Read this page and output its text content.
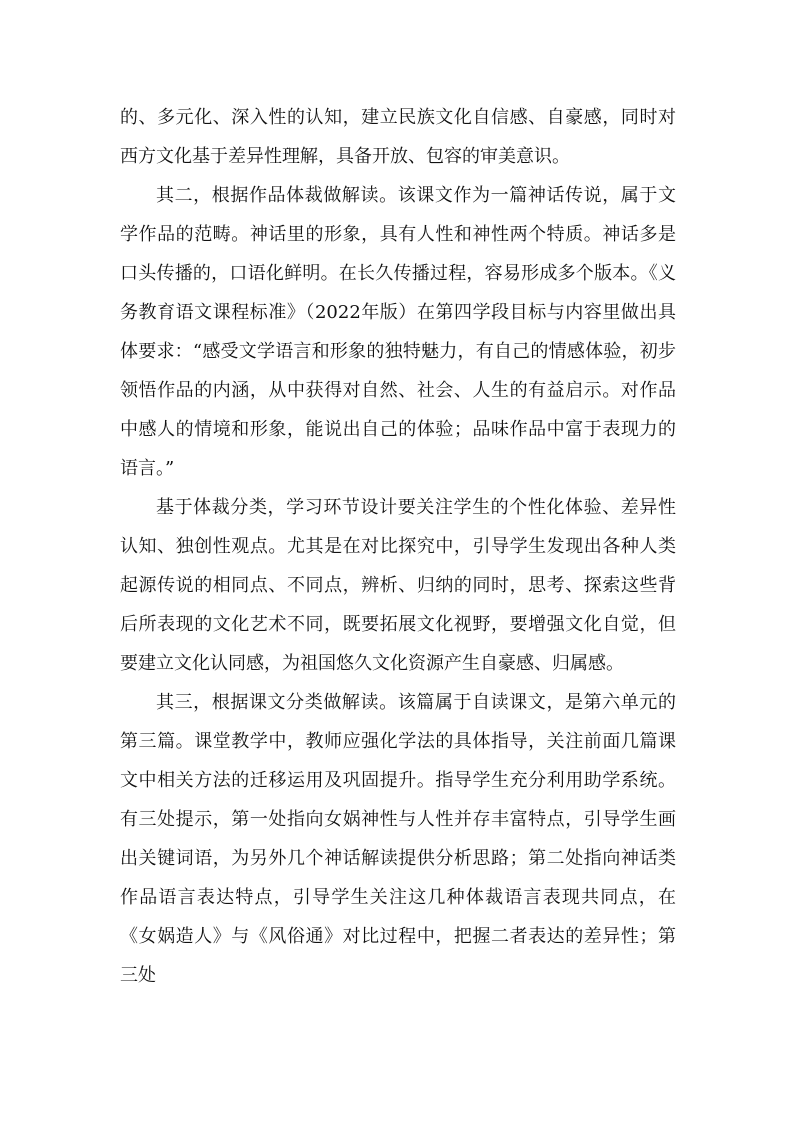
的、多元化、深入性的认知，建立民族文化自信感、自豪感，同时对西方文化基于差异性理解，具备开放、包容的审美意识。

其二，根据作品体裁做解读。该课文作为一篇神话传说，属于文学作品的范畴。神话里的形象，具有人性和神性两个特质。神话多是口头传播的，口语化鲜明。在长久传播过程，容易形成多个版本。《义务教育语文课程标准》（2022年版）在第四学段目标与内容里做出具体要求：“感受文学语言和形象的独特魅力，有自己的情感体验，初步领悟作品的内涵，从中获得对自然、社会、人生的有益启示。对作品中感人的情境和形象，能说出自己的体验；品味作品中富于表现力的语言。”

基于体裁分类，学习环节设计要关注学生的个性化体验、差异性认知、独创性观点。尤其是在对比探究中，引导学生发现出各种人类起源传说的相同点、不同点，辨析、归纳的同时，思考、探索这些背后所表现的文化艺术不同，既要拓展文化视野，要增强文化自觉，但要建立文化认同感，为祖国悠久文化资源产生自豪感、归属感。

其三，根据课文分类做解读。该篇属于自读课文，是第六单元的第三篇。课堂教学中，教师应强化学法的具体指导，关注前面几篇课文中相关方法的迁移运用及巩固提升。指导学生充分利用助学系统。有三处提示，第一处指向女娲神性与人性并存丰富特点，引导学生画出关键词语，为另外几个神话解读提供分析思路；第二处指向神话类作品语言表达特点，引导学生关注这几种体裁语言表现共同点，在《女娲造人》与《风俗通》对比过程中，把握二者表达的差异性；第三处
